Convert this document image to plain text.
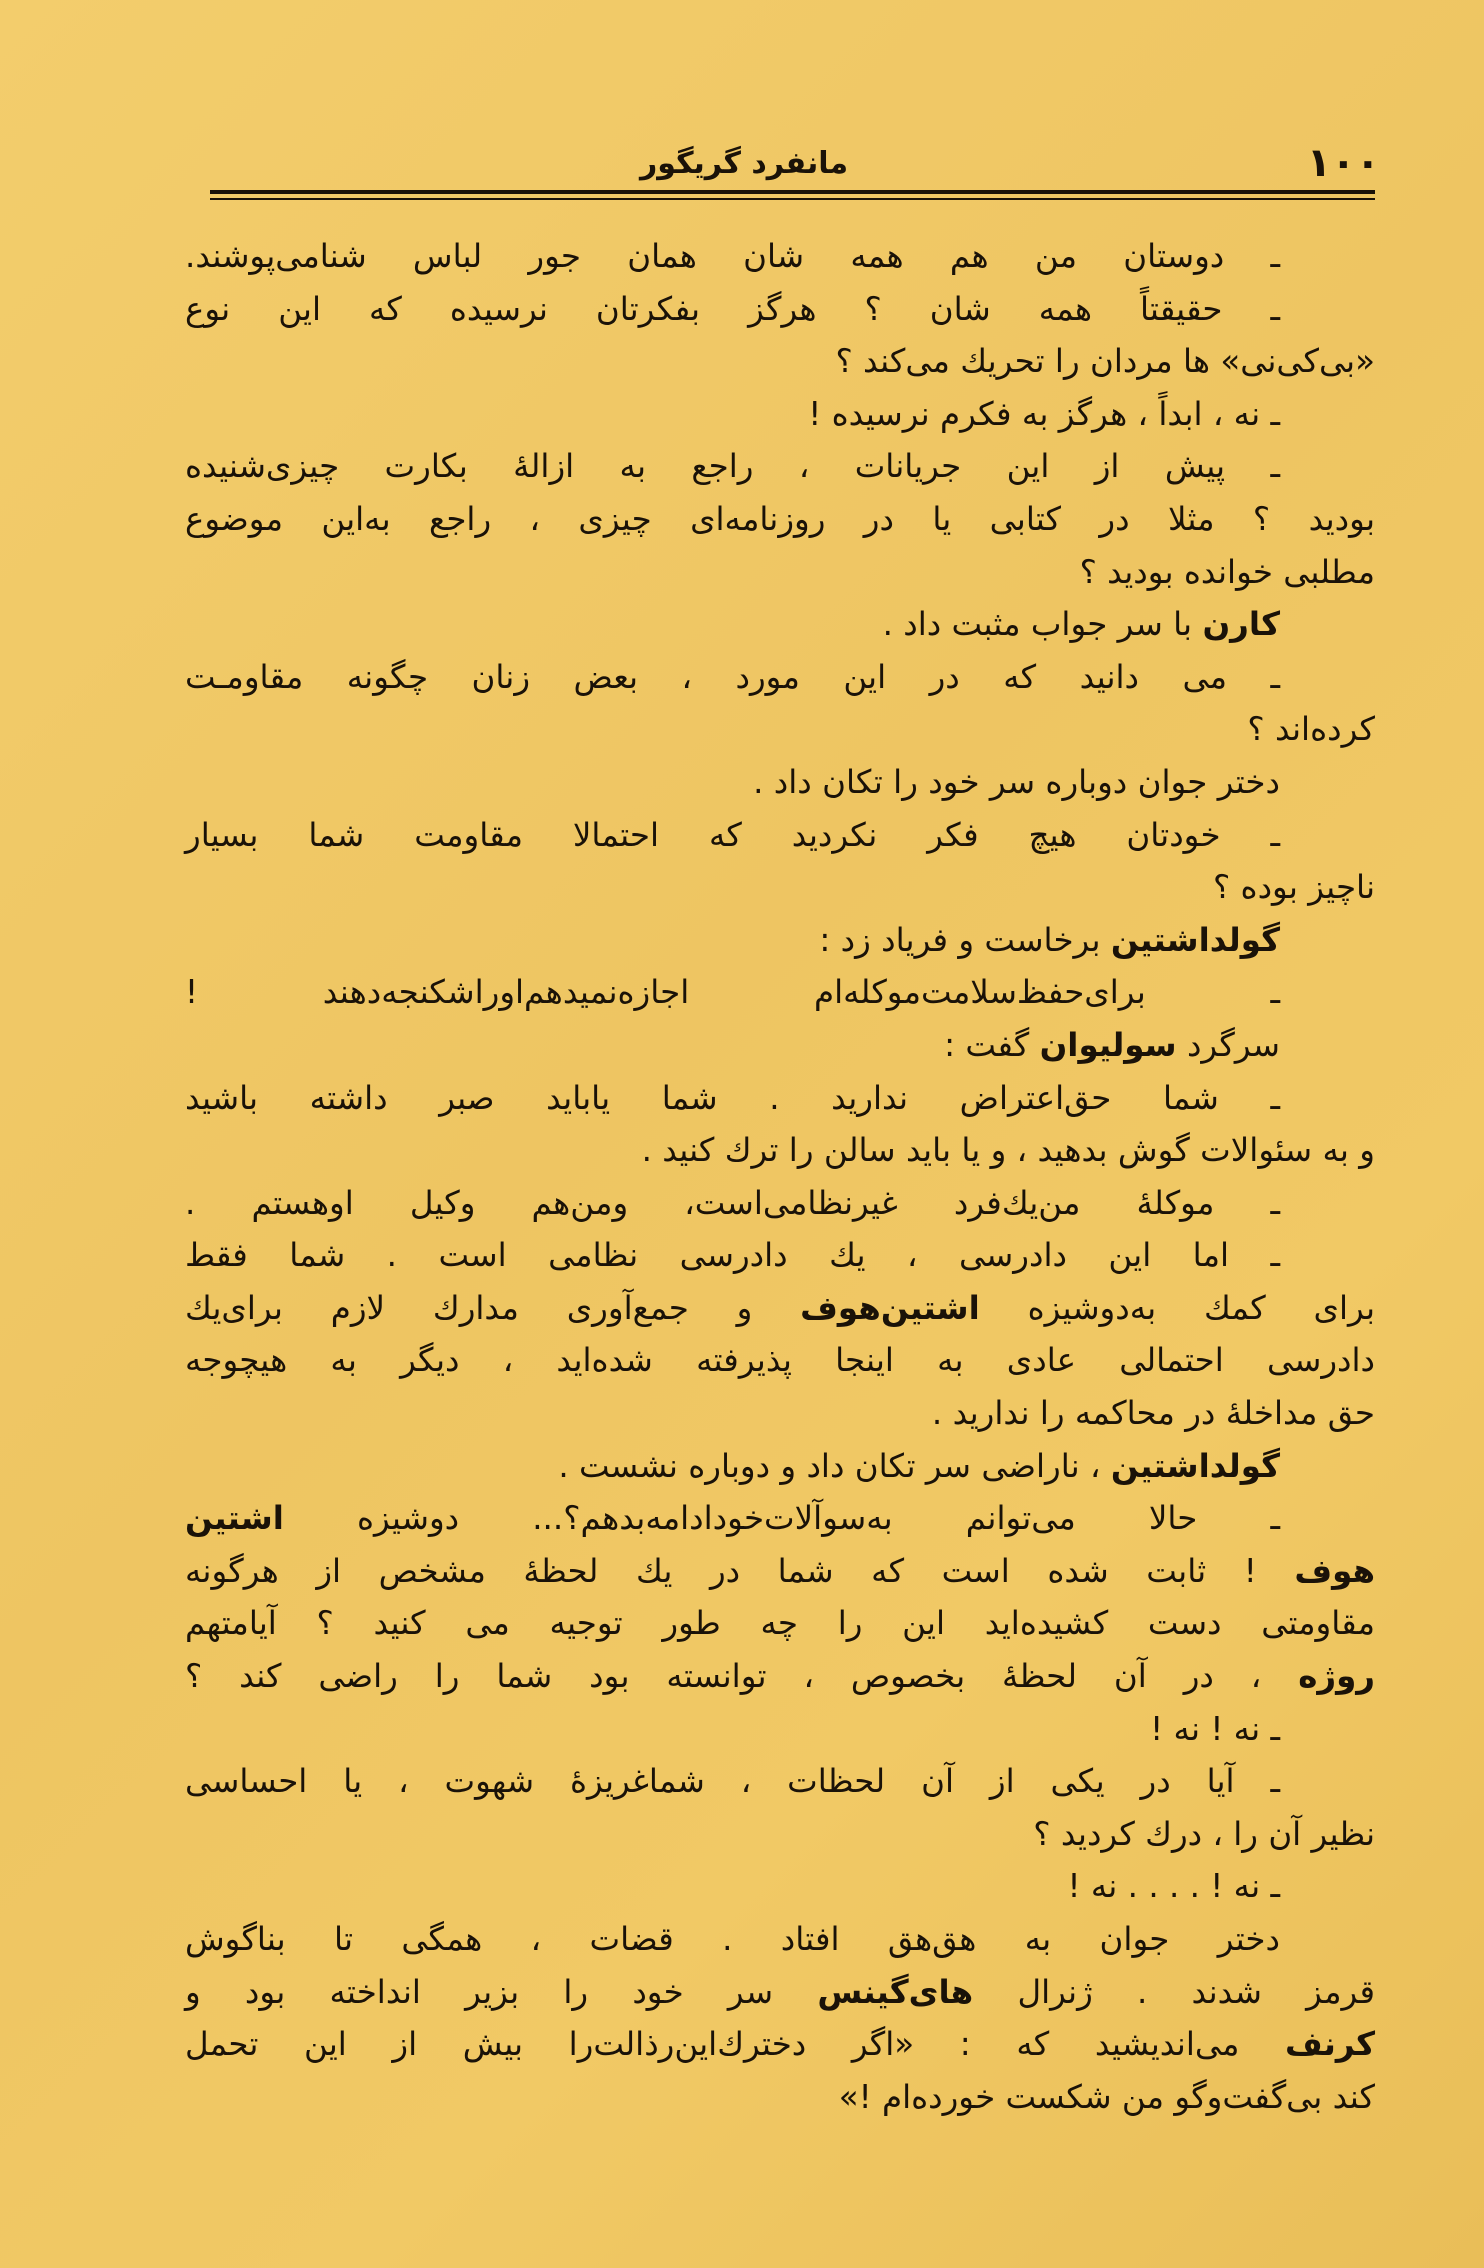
مانفرد گریگور	۱۰۰
ـ دوستان من هم همه شان همان جور لباس شنامی‌پوشند.
ـ حقیقتاً همه شان ؟ هرگز بفکرتان نرسیده که این نوع
«بی‌کی‌نی» ها مردان را تحریك می‌کند ؟
ـ نه ، ابداً ، هرگز به فکرم نرسیده !
ـ پیش از این جریانات ، راجع به ازالهٔ بکارت چیزی‌شنیده
بودید ؟ مثلا در کتابی یا در روزنامه‌ای چیزی ، راجع به‌این موضوع
مطلبی خوانده بودید ؟
کارن با سر جواب مثبت داد .
ـ می دانید که در این مورد ، بعض زنان چگونه مقاومـت
کرده‌اند ؟
دختر جوان دوباره سر خود را تکان داد .
ـ خودتان هیچ فکر نکردید که احتمالا مقاومت شما بسیار
ناچیز بوده ؟
گولداشتین برخاست و فریاد زد :
ـ برای‌حفظ‌سلامت‌موکله‌ام اجازه‌نمیدهم‌اوراشکنجه‌دهند !
سرگرد سولیوان گفت :
ـ شما حق‌اعتراض ندارید . شما یاباید صبر داشته باشید
و به سئوالات گوش بدهید ، و یا باید سالن را ترك کنید .
ـ موکلهٔ من‌یك‌فرد غیرنظامی‌است، ومن‌هم وکیل اوهستم .
ـ اما این دادرسی ، یك دادرسی نظامی است . شما فقط
برای کمك به‌دوشیزه اشتین‌هوف و جمع‌آوری مدارك لازم برای‌یك
دادرسی احتمالی عادی به اینجا پذیرفته شده‌اید ، دیگر به هیچوجه
حق مداخلهٔ در محاکمه را ندارید .
گولداشتین ، ناراضی سر تکان داد و دوباره نشست .
ـ حالا می‌توانم به‌سوآلات‌خودادامه‌بدهم؟... دوشیزه اشتین
هوف ! ثابت شده است که شما در یك لحظهٔ مشخص از هرگونه
مقاومتی دست کشیده‌اید این را چه طور توجیه می کنید ؟ آیامتهم
روژه ، در آن لحظهٔ بخصوص ، توانسته بود شما را راضی کند ؟
ـ نه ! نه !
ـ آیا در یکی از آن لحظات ، شماغریزهٔ شهوت ، یا احساسی
نظیر آن را ، درك کردید ؟
ـ نه ! . . . . نه !
دختر جوان به هق‌هق افتاد . قضات ، همگی تا بناگوش
قرمز شدند . ژنرال های‌گینس سر خود را بزیر انداخته بود و
کرنف می‌اندیشید که : «اگر دخترك‌این‌رذالت‌را بیش از این تحمل
کند بی‌گفت‌وگو من شکست خورده‌ام !»
